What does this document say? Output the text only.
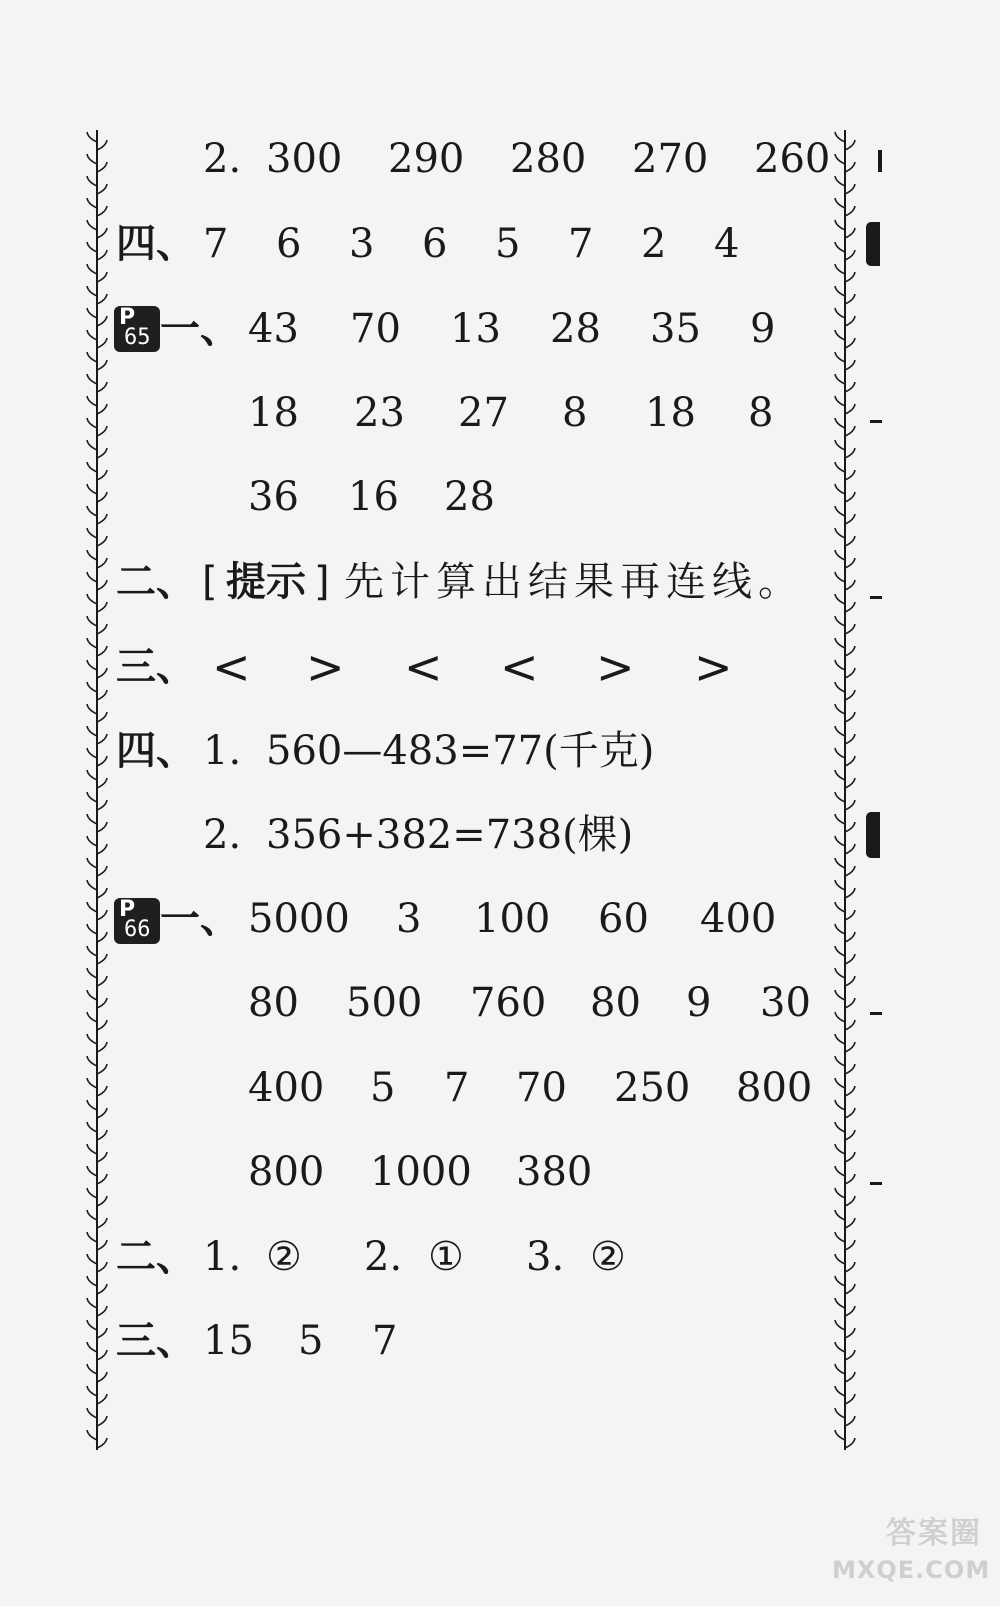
2. 300 290 280 270 260
四、 7 6 3 6 5 7 2 4
P
65 一、 43 70 13 28 35 9
18 23 27 8 18 8
36 16 28
二、 [ 提示 ] 先计算出结果再连线。
三、 < > < < > >
四、 1. 560—483=77(千克)
2. 356+382=738(棵)
P
66 一、 5000 3 100 60 400
80 500 760 80 9 30
400 5 7 70 250 800
800 1000 380
二、 1. ② 2. ① 3. ②
三、 15 5 7
答案圈
MXQE.COM
